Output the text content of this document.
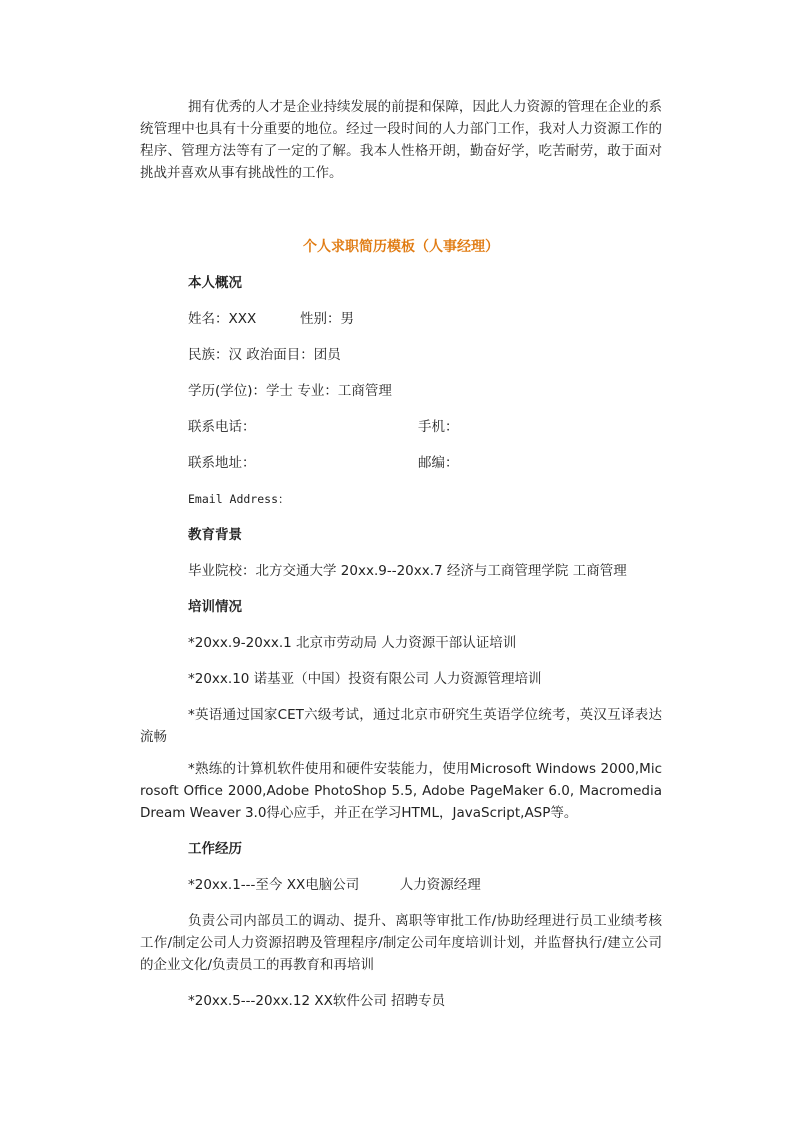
拥有优秀的人才是企业持续发展的前提和保障，因此人力资源的管理在企业的系统管理中也具有十分重要的地位。经过一段时间的人力部门工作，我对人力资源工作的程序、管理方法等有了一定的了解。我本人性格开朗，勤奋好学，吃苦耐劳，敢于面对挑战并喜欢从事有挑战性的工作。

个人求职简历模板（人事经理）

本人概况

姓名：XXX	性别：男

民族：汉 政治面目：团员

学历(学位)：学士 专业：工商管理

联系电话：	手机：
联系地址：	邮编：

Email Address：

教育背景

毕业院校：北方交通大学 20xx.9--20xx.7 经济与工商管理学院 工商管理

培训情况

*20xx.9-20xx.1 北京市劳动局 人力资源干部认证培训

*20xx.10 诺基亚（中国）投资有限公司 人力资源管理培训

*英语通过国家CET六级考试，通过北京市研究生英语学位统考，英汉互译表达流畅

*熟练的计算机软件使用和硬件安装能力，使用Microsoft Windows 2000,Microsoft Office 2000,Adobe PhotoShop 5.5, Adobe PageMaker 6.0, Macromedia Dream Weaver 3.0得心应手，并正在学习HTML，JavaScript,ASP等。

工作经历

*20xx.1---至今 XX电脑公司　　　人力资源经理

负责公司内部员工的调动、提升、离职等审批工作/协助经理进行员工业绩考核工作/制定公司人力资源招聘及管理程序/制定公司年度培训计划，并监督执行/建立公司的企业文化/负责员工的再教育和再培训

*20xx.5---20xx.12 XX软件公司 招聘专员
